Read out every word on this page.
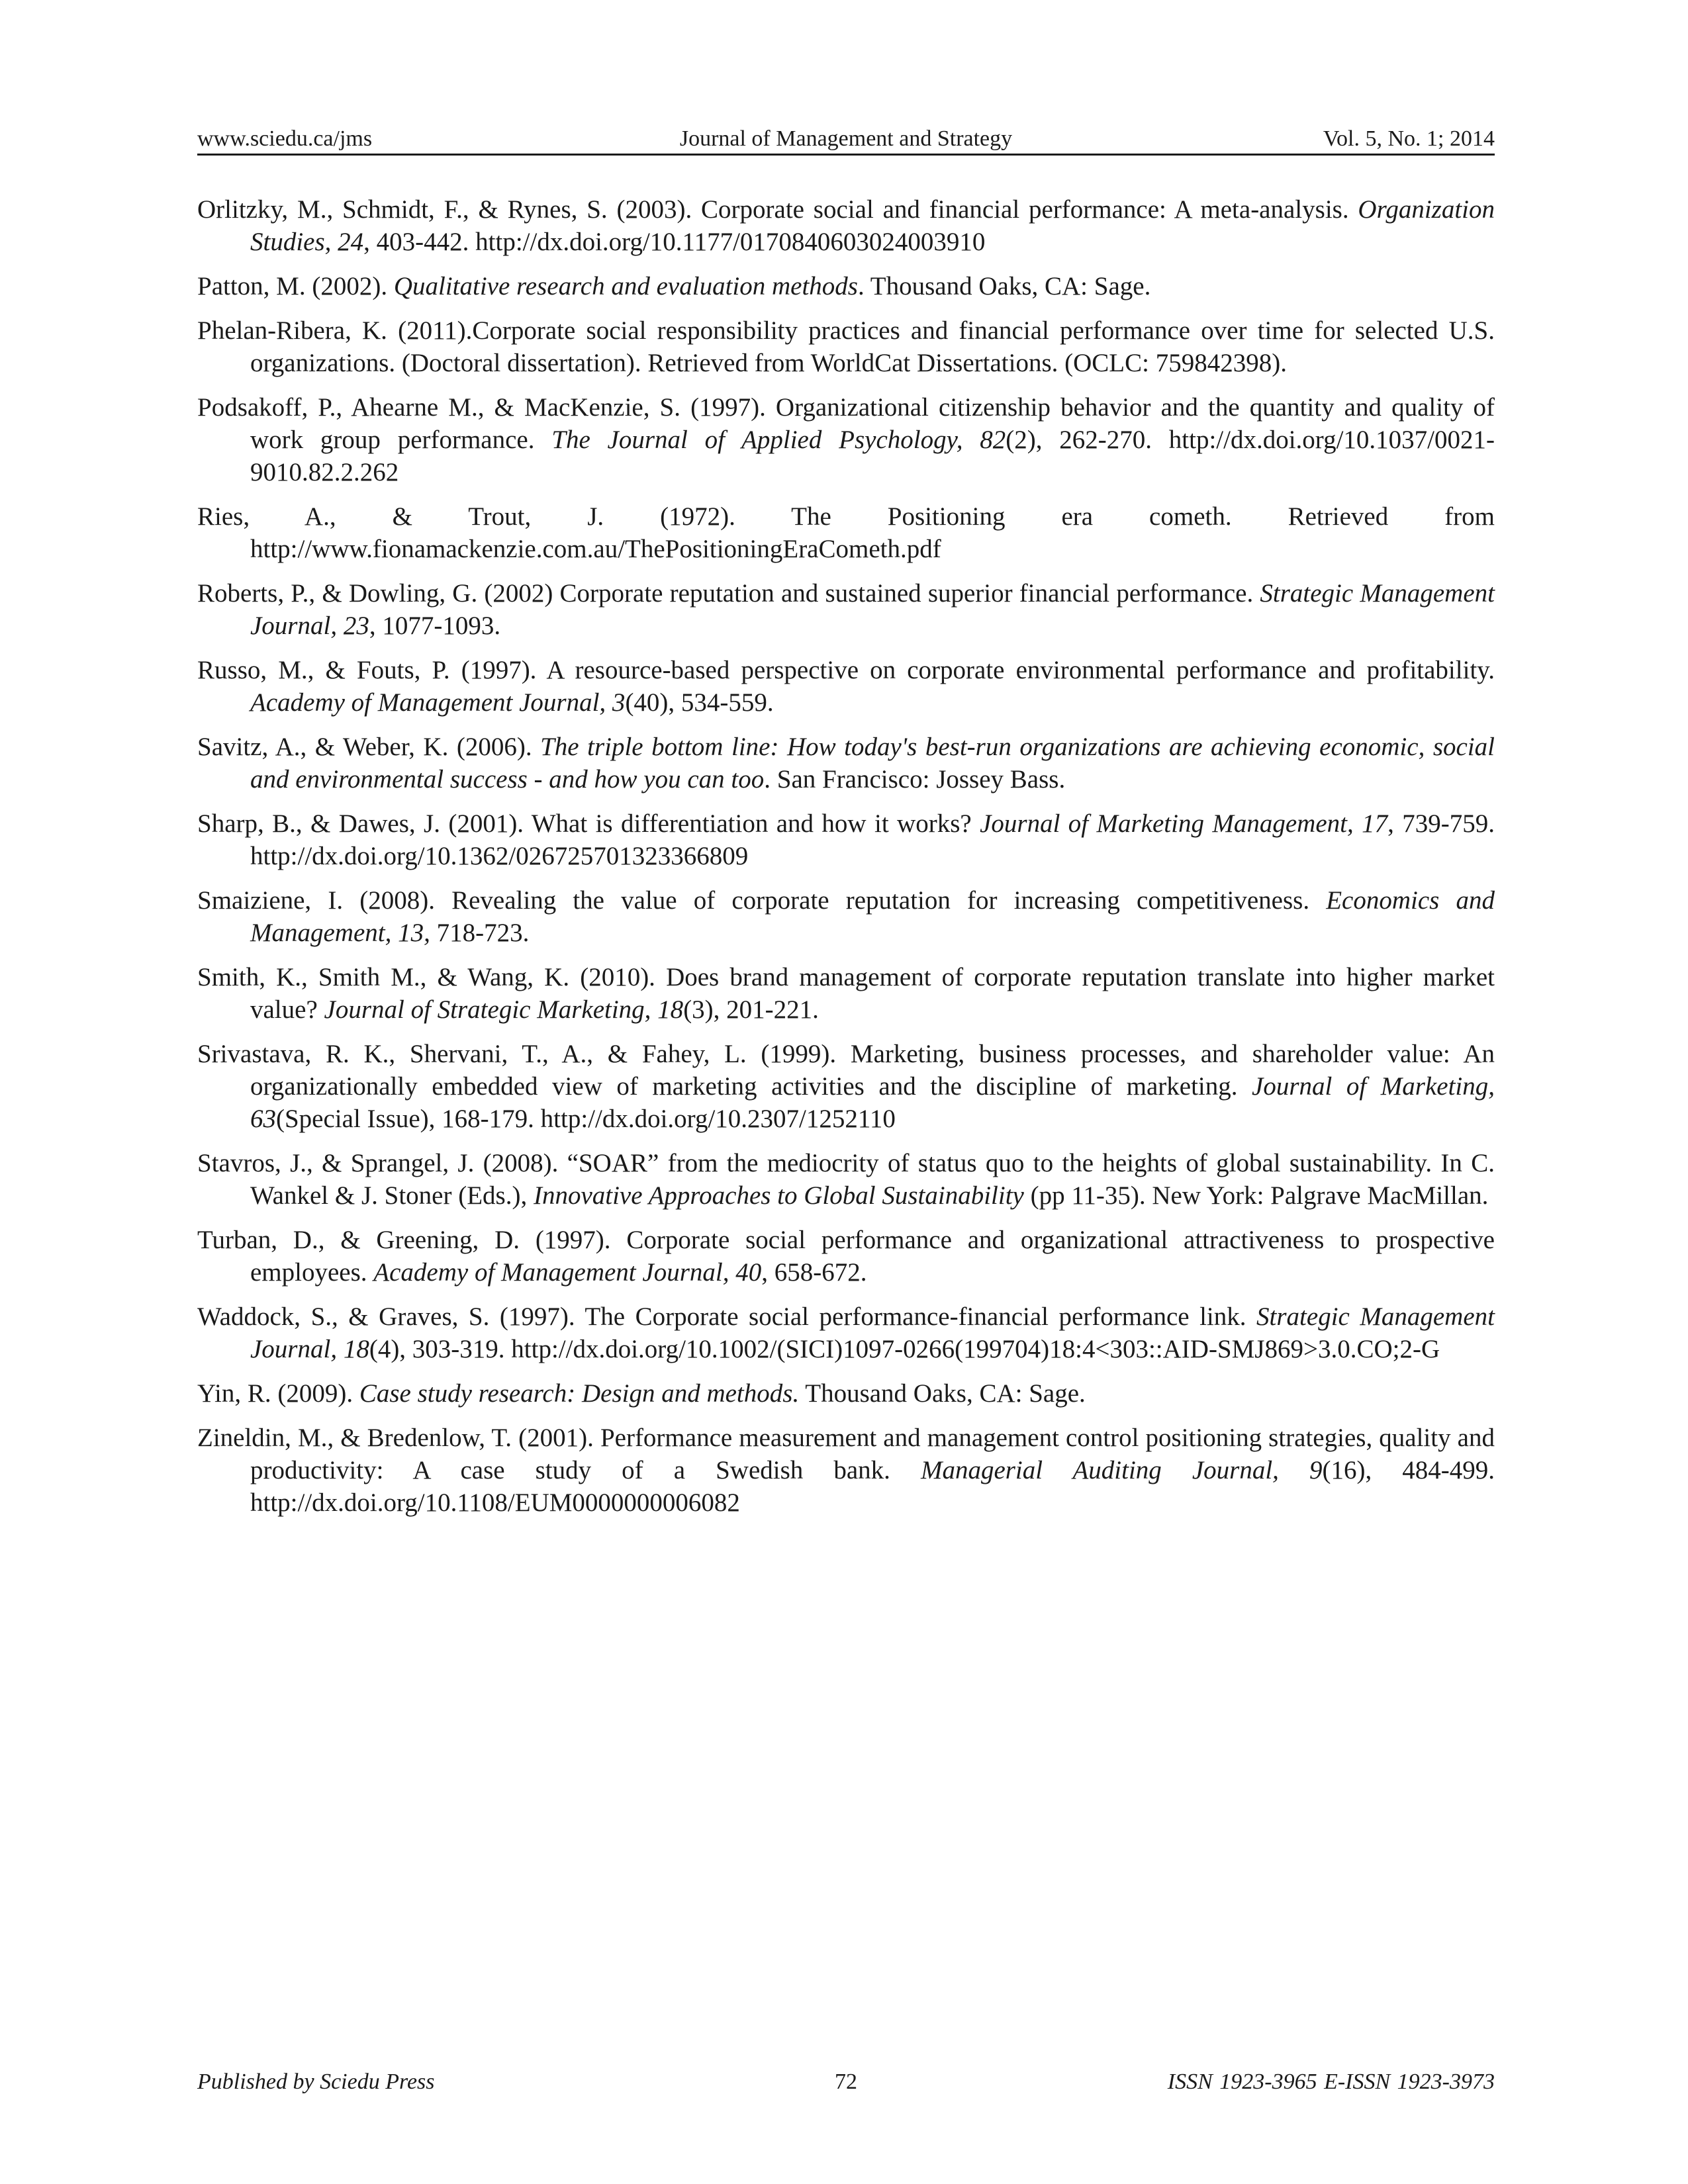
www.sciedu.ca/jms	Journal of Management and Strategy	Vol. 5, No. 1; 2014

Orlitzky, M., Schmidt, F., & Rynes, S. (2003). Corporate social and financial performance: A meta-analysis. Organization Studies, 24, 403-442. http://dx.doi.org/10.1177/0170840603024003910

Patton, M. (2002). Qualitative research and evaluation methods. Thousand Oaks, CA: Sage.

Phelan-Ribera, K. (2011).Corporate social responsibility practices and financial performance over time for selected U.S. organizations. (Doctoral dissertation). Retrieved from WorldCat Dissertations. (OCLC: 759842398).

Podsakoff, P., Ahearne M., & MacKenzie, S. (1997). Organizational citizenship behavior and the quantity and quality of work group performance. The Journal of Applied Psychology, 82(2), 262-270. http://dx.doi.org/10.1037/0021-9010.82.2.262

Ries, A., & Trout, J. (1972). The Positioning era cometh. Retrieved from http://www.fionamackenzie.com.au/ThePositioningEraCometh.pdf

Roberts, P., & Dowling, G. (2002) Corporate reputation and sustained superior financial performance. Strategic Management Journal, 23, 1077-1093.

Russo, M., & Fouts, P. (1997). A resource-based perspective on corporate environmental performance and profitability. Academy of Management Journal, 3(40), 534-559.

Savitz, A., & Weber, K. (2006). The triple bottom line: How today's best-run organizations are achieving economic, social and environmental success - and how you can too. San Francisco: Jossey Bass.

Sharp, B., & Dawes, J. (2001). What is differentiation and how it works? Journal of Marketing Management, 17, 739-759. http://dx.doi.org/10.1362/026725701323366809

Smaiziene, I. (2008). Revealing the value of corporate reputation for increasing competitiveness. Economics and Management, 13, 718-723.

Smith, K., Smith M., & Wang, K. (2010). Does brand management of corporate reputation translate into higher market value? Journal of Strategic Marketing, 18(3), 201-221.

Srivastava, R. K., Shervani, T., A., & Fahey, L. (1999). Marketing, business processes, and shareholder value: An organizationally embedded view of marketing activities and the discipline of marketing. Journal of Marketing, 63(Special Issue), 168-179. http://dx.doi.org/10.2307/1252110

Stavros, J., & Sprangel, J. (2008). “SOAR” from the mediocrity of status quo to the heights of global sustainability. In C. Wankel & J. Stoner (Eds.), Innovative Approaches to Global Sustainability (pp 11-35). New York: Palgrave MacMillan.

Turban, D., & Greening, D. (1997). Corporate social performance and organizational attractiveness to prospective employees. Academy of Management Journal, 40, 658-672.

Waddock, S., & Graves, S. (1997). The Corporate social performance-financial performance link. Strategic Management Journal, 18(4), 303-319. http://dx.doi.org/10.1002/(SICI)1097-0266(199704)18:4<303::AID-SMJ869>3.0.CO;2-G

Yin, R. (2009). Case study research: Design and methods. Thousand Oaks, CA: Sage.

Zineldin, M., & Bredenlow, T. (2001). Performance measurement and management control positioning strategies, quality and productivity: A case study of a Swedish bank. Managerial Auditing Journal, 9(16), 484-499. http://dx.doi.org/10.1108/EUM0000000006082

Published by Sciedu Press	72	ISSN 1923-3965 E-ISSN 1923-3973
